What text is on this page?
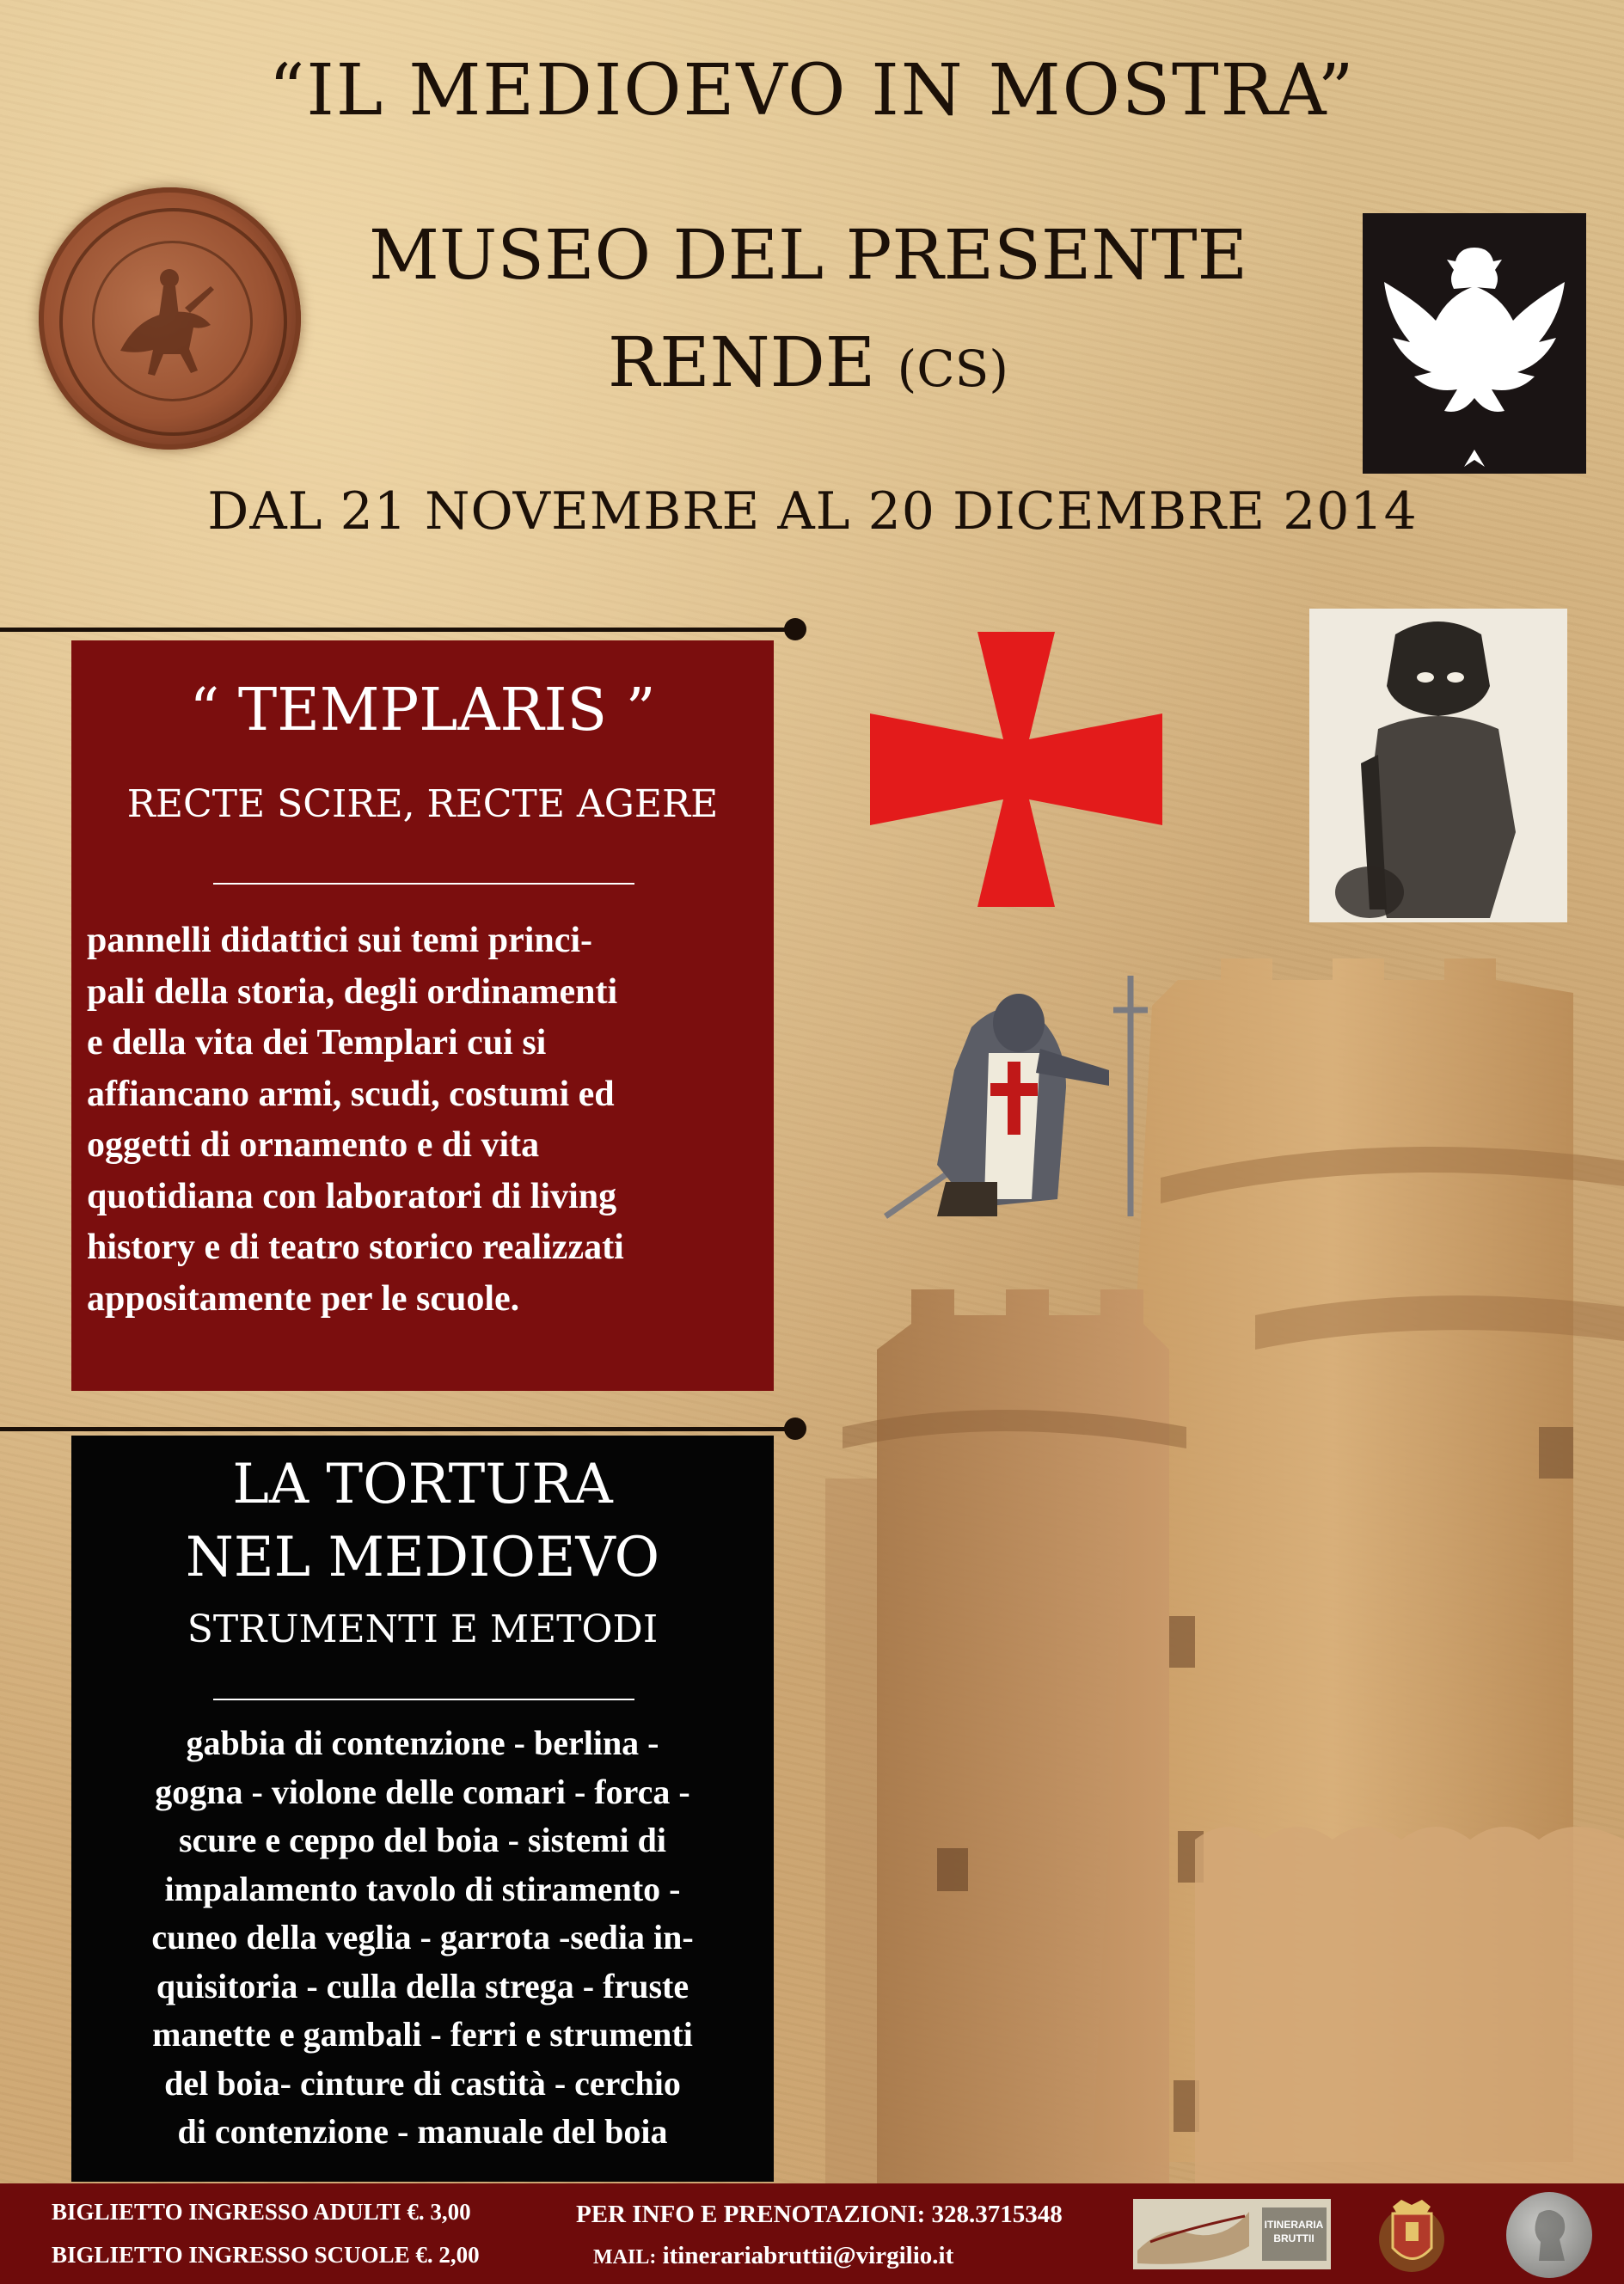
“IL MEDIOEVO IN MOSTRA”
MUSEO DEL PRESENTE
RENDE (CS)
DAL 21 NOVEMBRE AL 20 DICEMBRE 2014
“ TEMPLARIS ”
RECTE SCIRE, RECTE AGERE
pannelli didattici sui temi princi-
pali della storia, degli ordinamenti
e della vita dei Templari cui si
affiancano armi, scudi, costumi ed
oggetti di ornamento e di vita
quotidiana con laboratori di living
history e di teatro storico realizzati
appositamente per le scuole.
LA TORTURA
NEL MEDIOEVO
STRUMENTI E METODI
gabbia di contenzione - berlina -
gogna - violone delle comari - forca -
scure e ceppo del boia - sistemi di
impalamento tavolo di stiramento -
cuneo della veglia - garrota -sedia in-
quisitoria - culla della strega - fruste
manette e gambali - ferri e strumenti
del boia- cinture di castità - cerchio
di contenzione - manuale del boia
BIGLIETTO INGRESSO ADULTI €. 3,00
BIGLIETTO INGRESSO SCUOLE €. 2,00
PER INFO E PRENOTAZIONI: 328.3715348
MAIL: itinerariabruttii@virgilio.it
ITINERARIA BRUTTII
